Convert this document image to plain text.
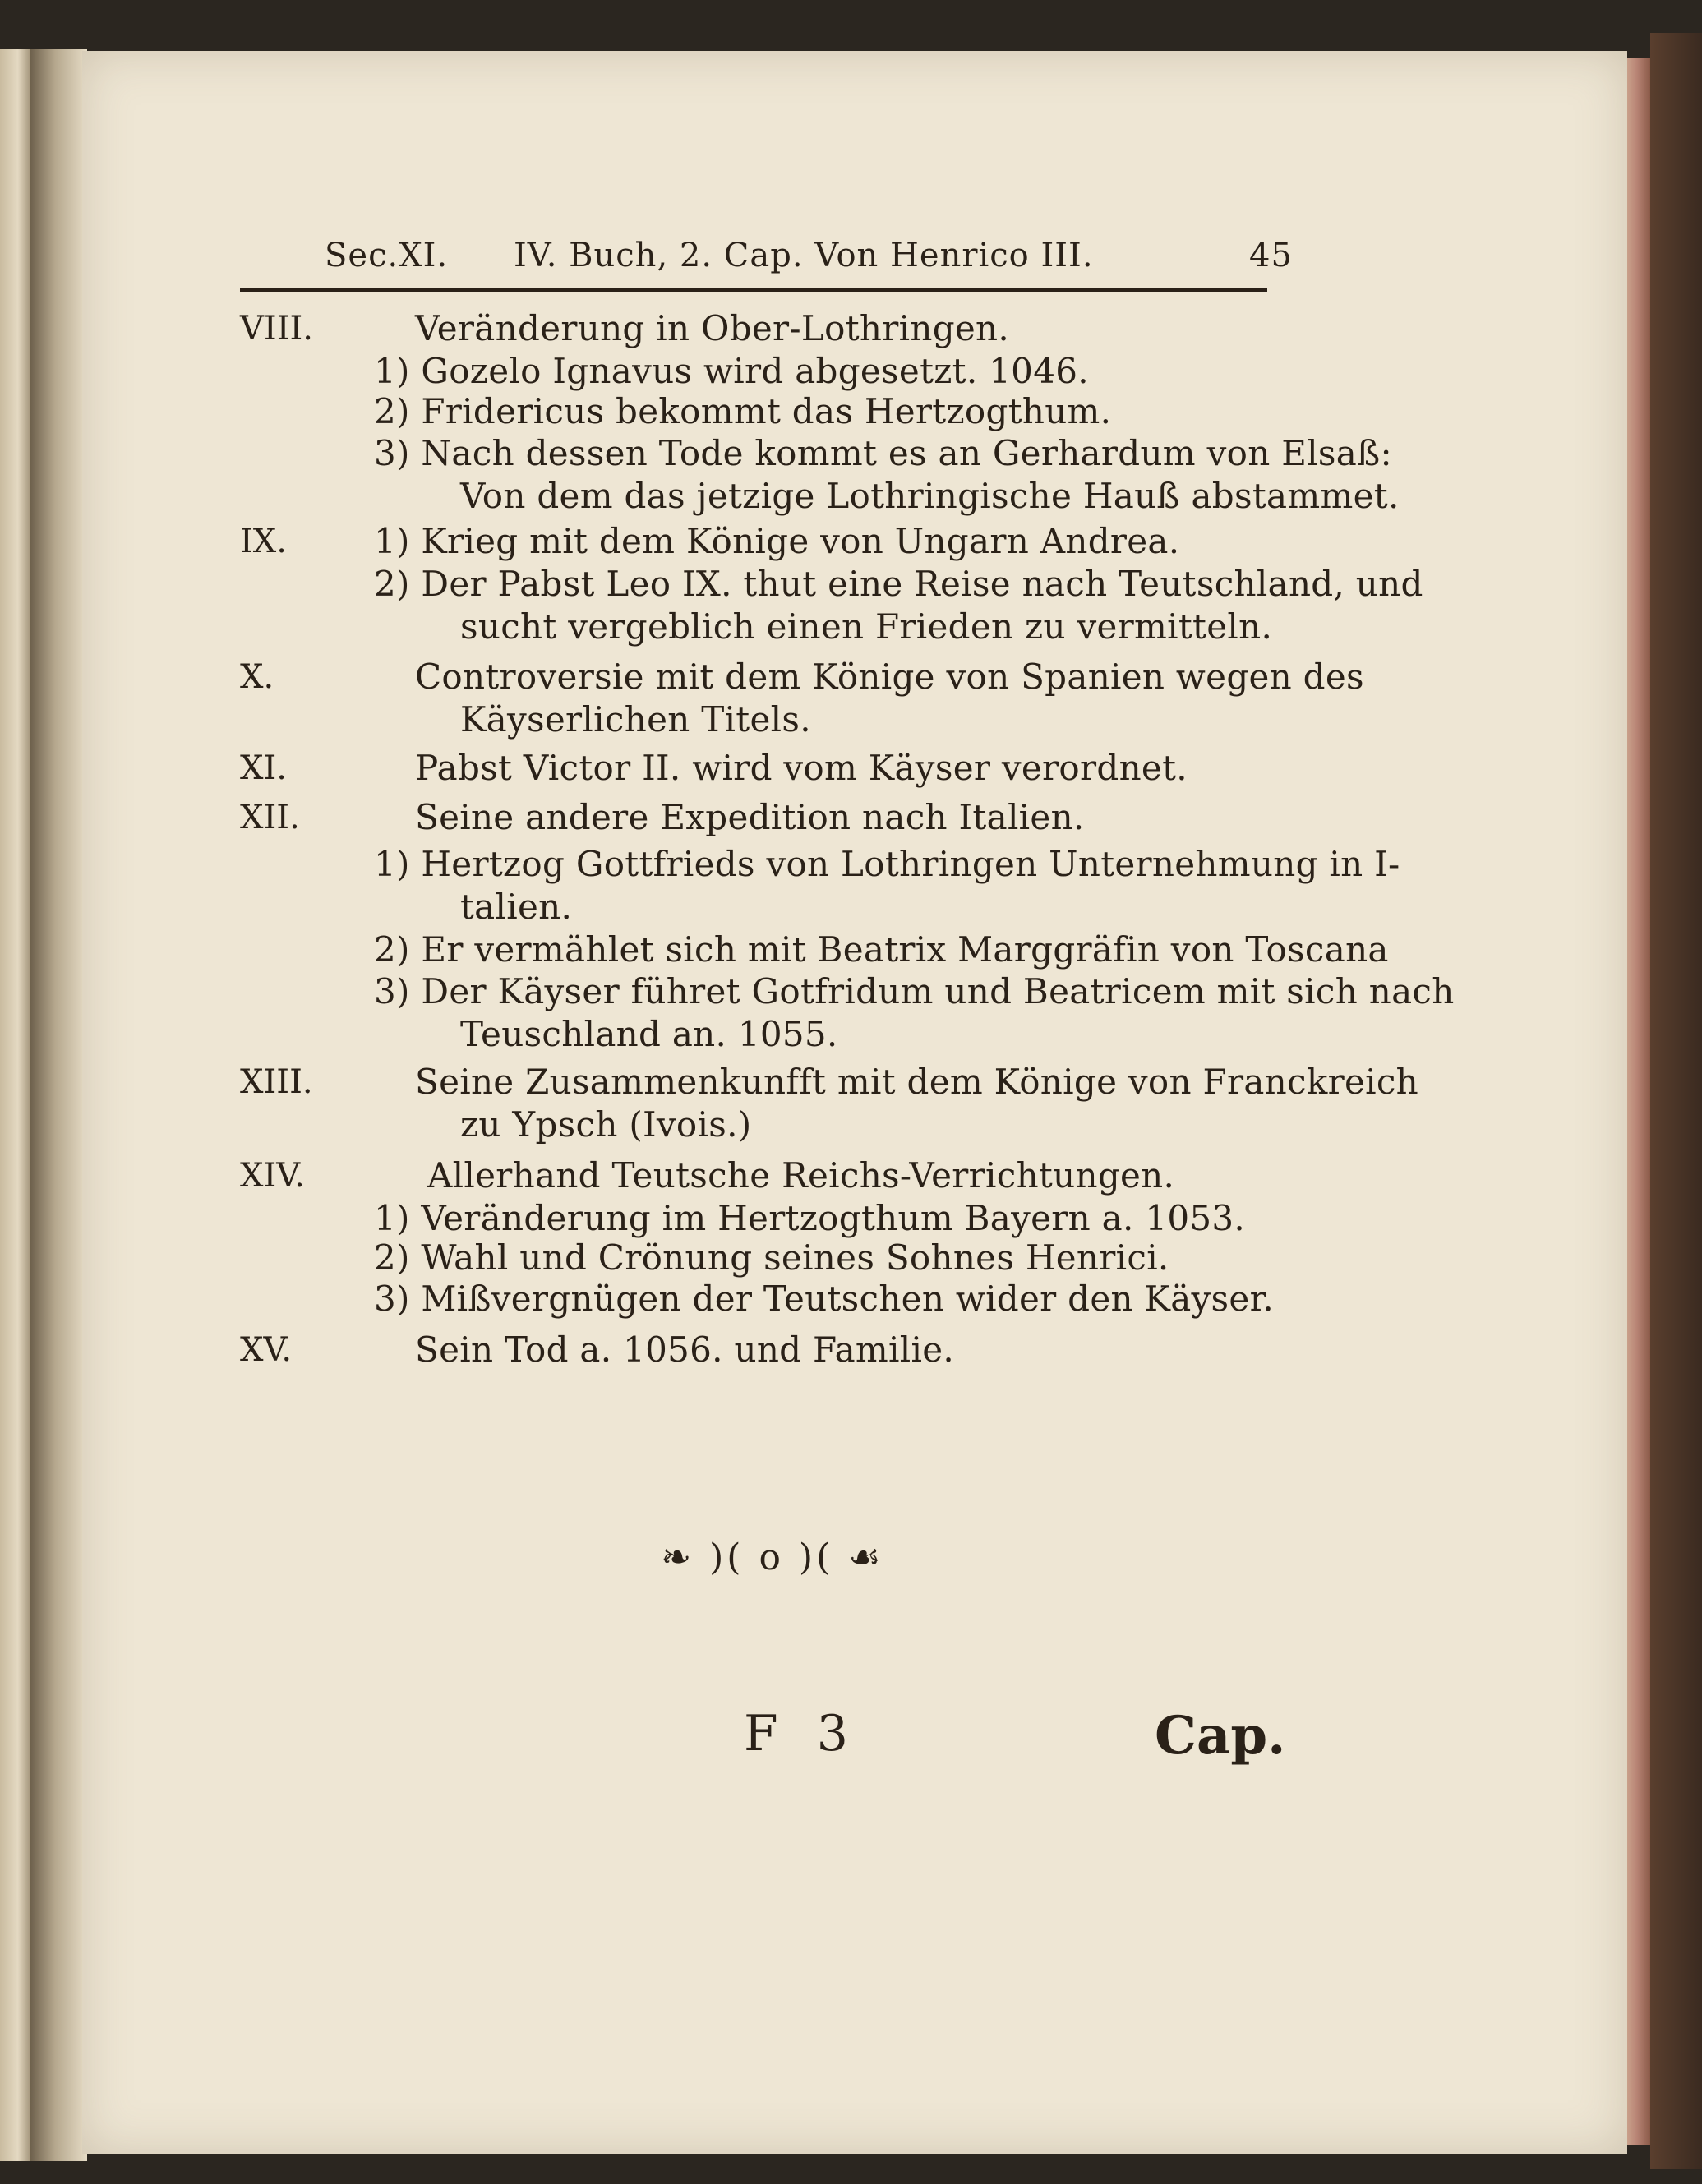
Sec.XI. IV. Buch, 2. Cap. Von Henrico III.	45
VIII.	Veränderung in Ober-Lothringen.
1) Gozelo Ignavus wird abgesetzt. 1046.
2) Fridericus bekommt das Hertzogthum.
3) Nach dessen Tode kommt es an Gerhardum von Elsaß:
Von dem das jetzige Lothringische Hauß abstammet.
IX.	1) Krieg mit dem Könige von Ungarn Andrea.
2) Der Pabst Leo IX. thut eine Reise nach Teutschland, und
sucht vergeblich einen Frieden zu vermitteln.
X.	Controversie mit dem Könige von Spanien wegen des
Käyserlichen Titels.
XI.	Pabst Victor II. wird vom Käyser verordnet.
XII.	Seine andere Expedition nach Italien.
1) Hertzog Gottfrieds von Lothringen Unternehmung in I-
talien.
2) Er vermählet sich mit Beatrix Marggräfin von Toscana
3) Der Käyser führet Gotfridum und Beatricem mit sich nach
Teuschland an. 1055.
XIII.	Seine Zusammenkunfft mit dem Könige von Franckreich
zu Ypsch (Ivois.)
XIV.	Allerhand Teutsche Reichs-Verrichtungen.
1) Veränderung im Hertzogthum Bayern a. 1053.
2) Wahl und Crönung seines Sohnes Henrici.
3) Mißvergnügen der Teutschen wider den Käyser.
XV.	Sein Tod a. 1056. und Familie.
❧ )( o )( ☙
F 3	Cap.
